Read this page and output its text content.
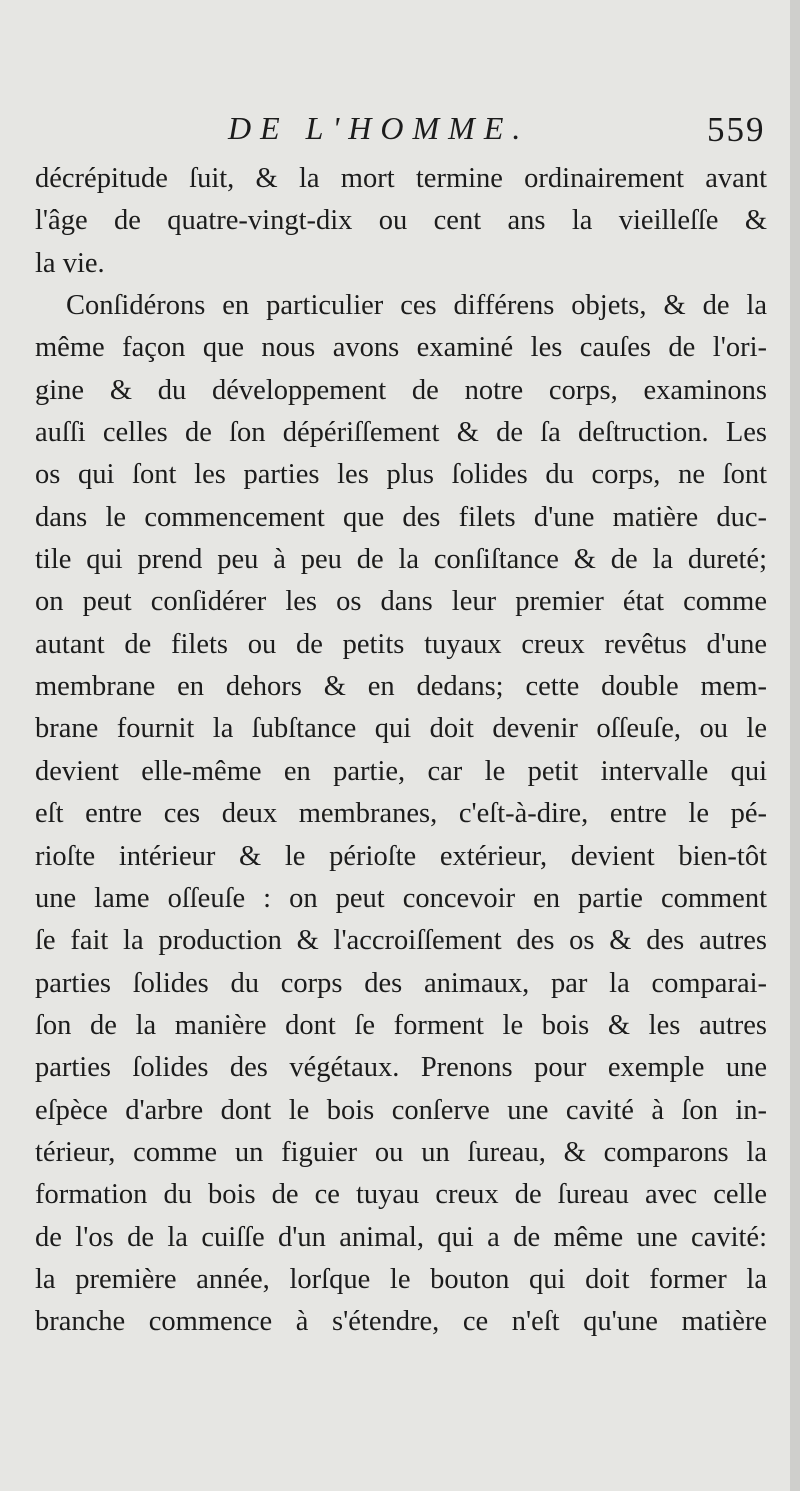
DE L'HOMME.	559
décrépitude ſuit, & la mort termine ordinairement avant
l'âge de quatre-vingt-dix ou cent ans la vieilleſſe &
la vie.
Conſidérons en particulier ces différens objets, & de la
même façon que nous avons examiné les cauſes de l'ori-
gine & du développement de notre corps, examinons
auſſi celles de ſon dépériſſement & de ſa deſtruction. Les
os qui ſont les parties les plus ſolides du corps, ne ſont
dans le commencement que des filets d'une matière duc-
tile qui prend peu à peu de la conſiſtance & de la dureté;
on peut conſidérer les os dans leur premier état comme
autant de filets ou de petits tuyaux creux revêtus d'une
membrane en dehors & en dedans; cette double mem-
brane fournit la ſubſtance qui doit devenir oſſeuſe, ou le
devient elle-même en partie, car le petit intervalle qui
eſt entre ces deux membranes, c'eſt-à-dire, entre le pé-
rioſte intérieur & le périoſte extérieur, devient bien-tôt
une lame oſſeuſe : on peut concevoir en partie comment
ſe fait la production & l'accroiſſement des os & des autres
parties ſolides du corps des animaux, par la comparai-
ſon de la manière dont ſe forment le bois & les autres
parties ſolides des végétaux. Prenons pour exemple une
eſpèce d'arbre dont le bois conſerve une cavité à ſon in-
térieur, comme un figuier ou un ſureau, & comparons la
formation du bois de ce tuyau creux de ſureau avec celle
de l'os de la cuiſſe d'un animal, qui a de même une cavité:
la première année, lorſque le bouton qui doit former la
branche commence à s'étendre, ce n'eſt qu'une matière
